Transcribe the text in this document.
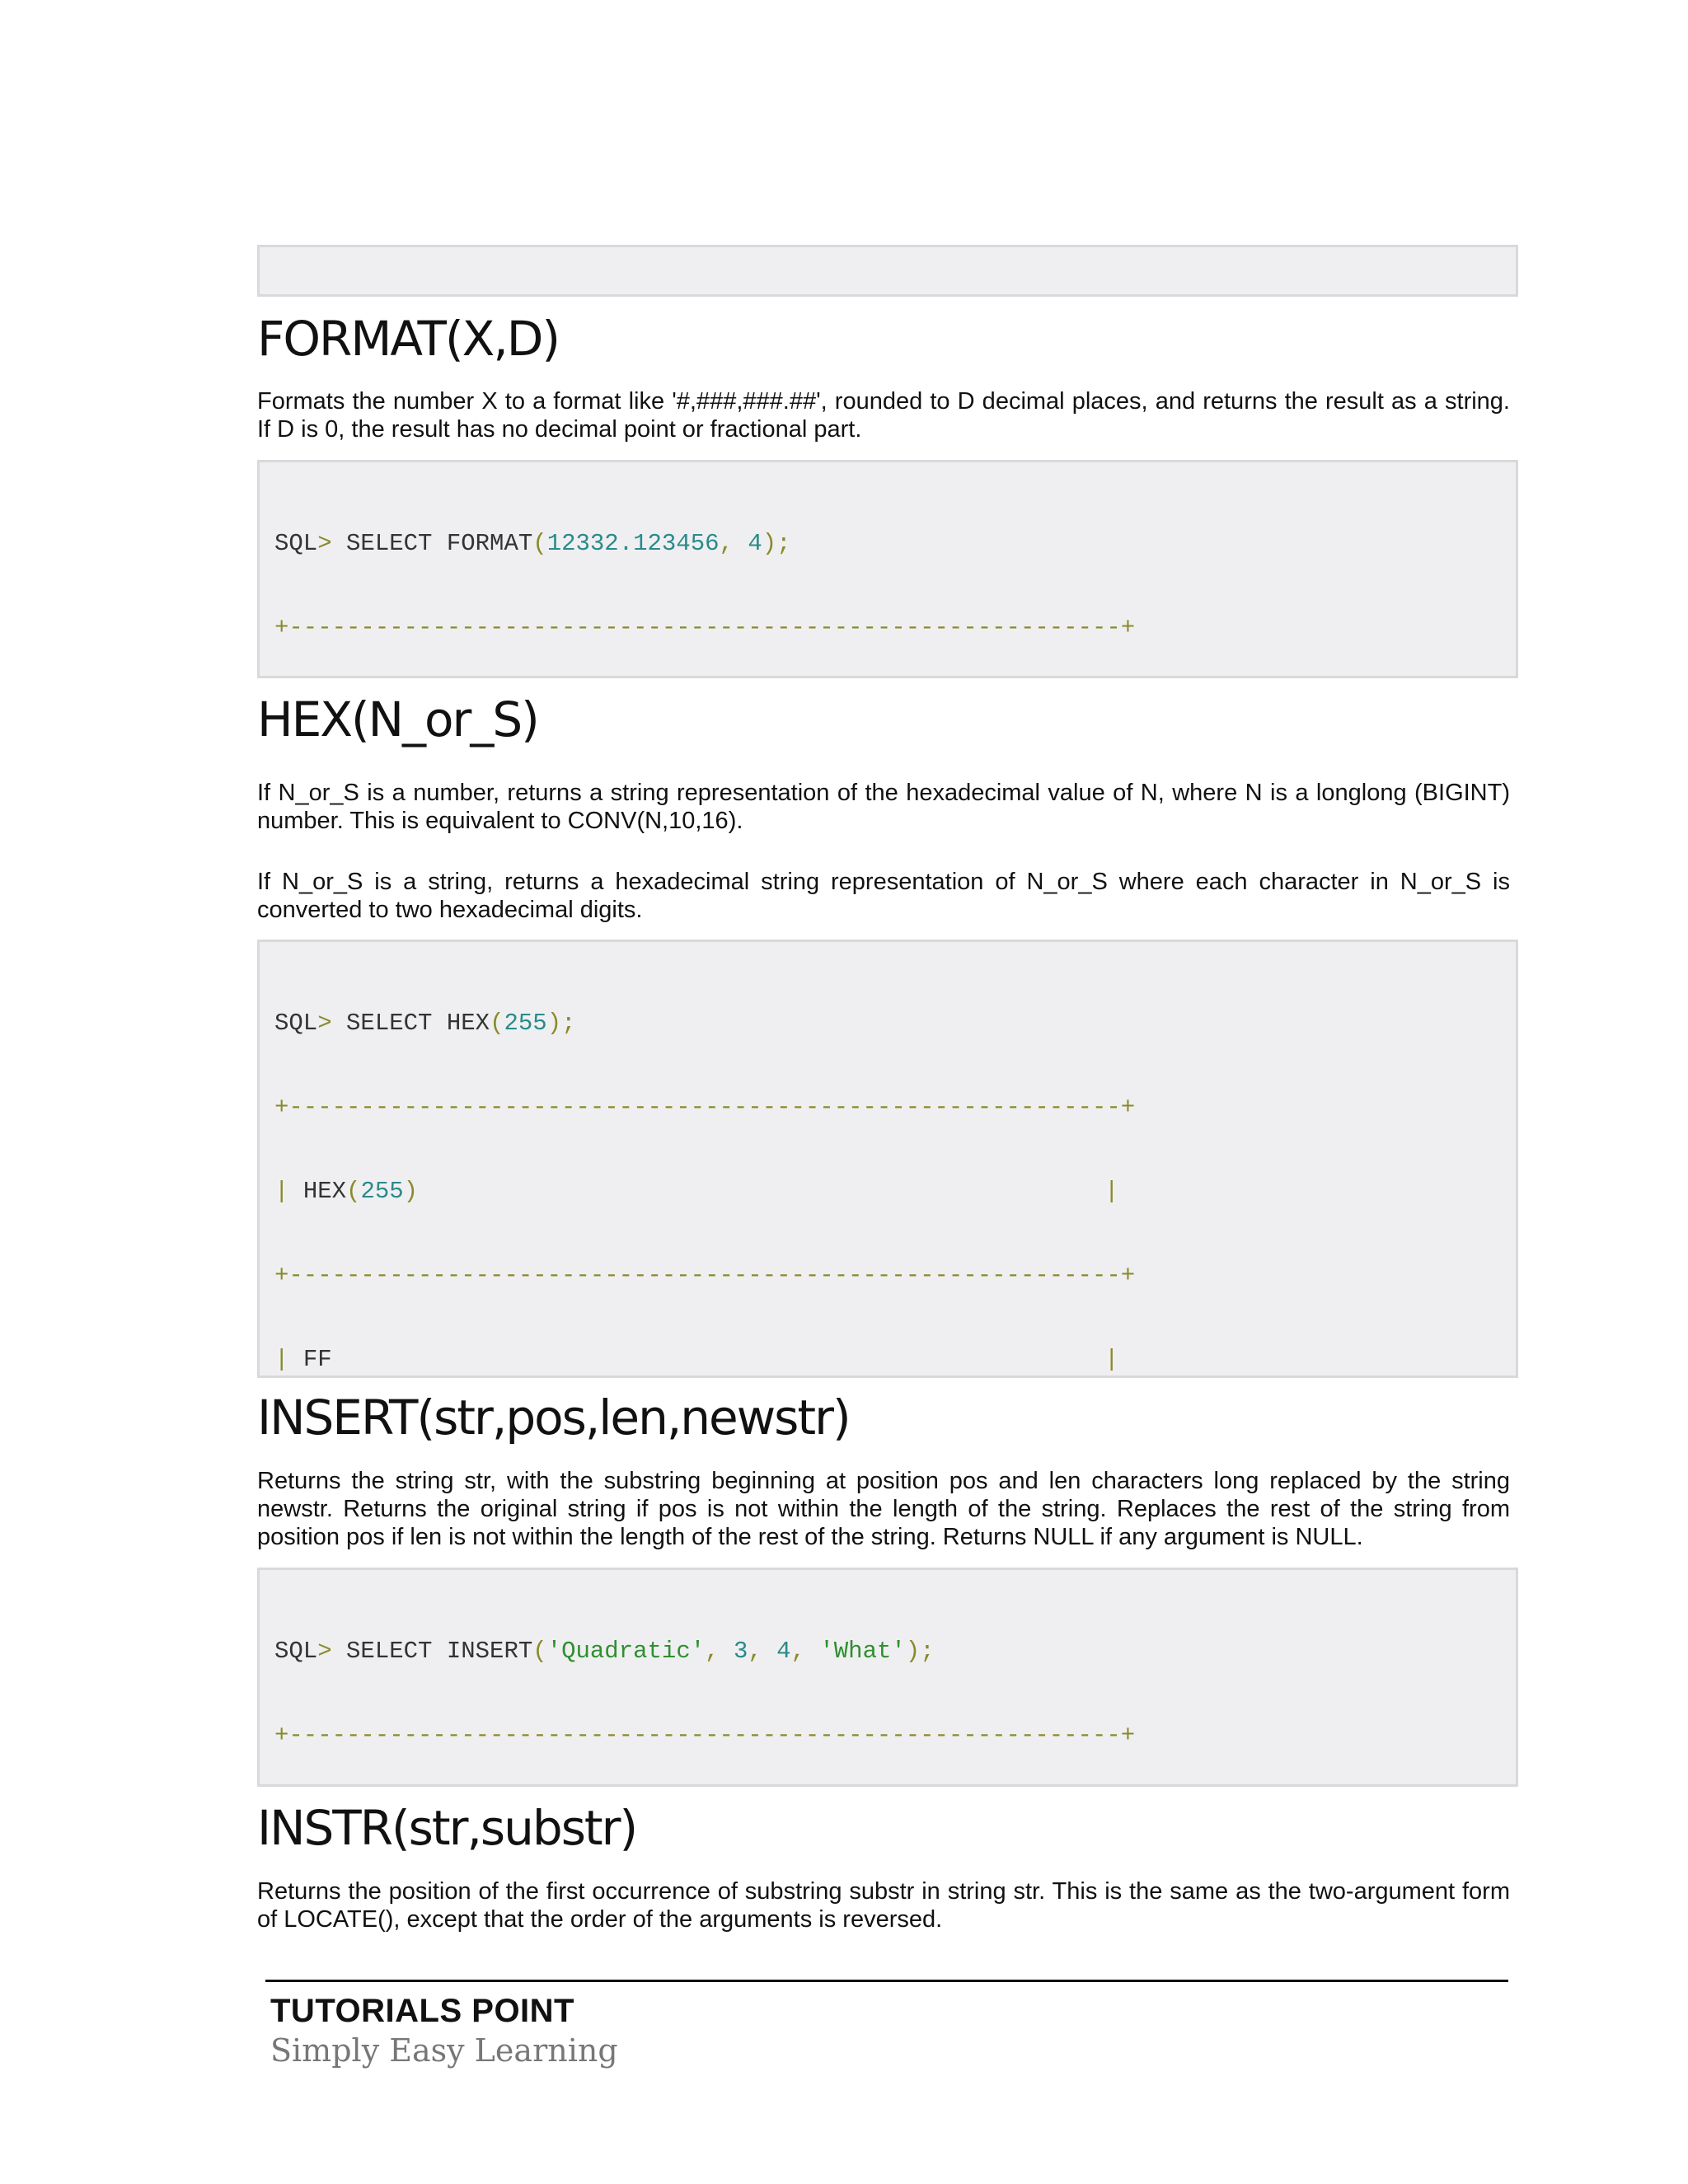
FORMAT(X,D)

Formats the number X to a format like '#,###,###.##', rounded to D decimal places, and returns the result as a string. If D is 0, the result has no decimal point or fractional part.

SQL> SELECT FORMAT(12332.123456, 4);

+----------------------------------------------------------+

HEX(N_or_S)

If N_or_S is a number, returns a string representation of the hexadecimal value of N, where N is a longlong (BIGINT) number. This is equivalent to CONV(N,10,16).

If N_or_S is a string, returns a hexadecimal string representation of N_or_S where each character in N_or_S is converted to two hexadecimal digits.

SQL> SELECT HEX(255);

+----------------------------------------------------------+

| HEX(255)	|

+----------------------------------------------------------+

| FF	|

INSERT(str,pos,len,newstr)

Returns the string str, with the substring beginning at position pos and len characters long replaced by the string newstr. Returns the original string if pos is not within the length of the string. Replaces the rest of the string from position pos if len is not within the length of the rest of the string. Returns NULL if any argument is NULL.

SQL> SELECT INSERT('Quadratic', 3, 4, 'What');

+----------------------------------------------------------+

INSTR(str,substr)

Returns the position of the first occurrence of substring substr in string str. This is the same as the two-argument form of LOCATE(), except that the order of the arguments is reversed.

TUTORIALS POINT
Simply Easy Learning
